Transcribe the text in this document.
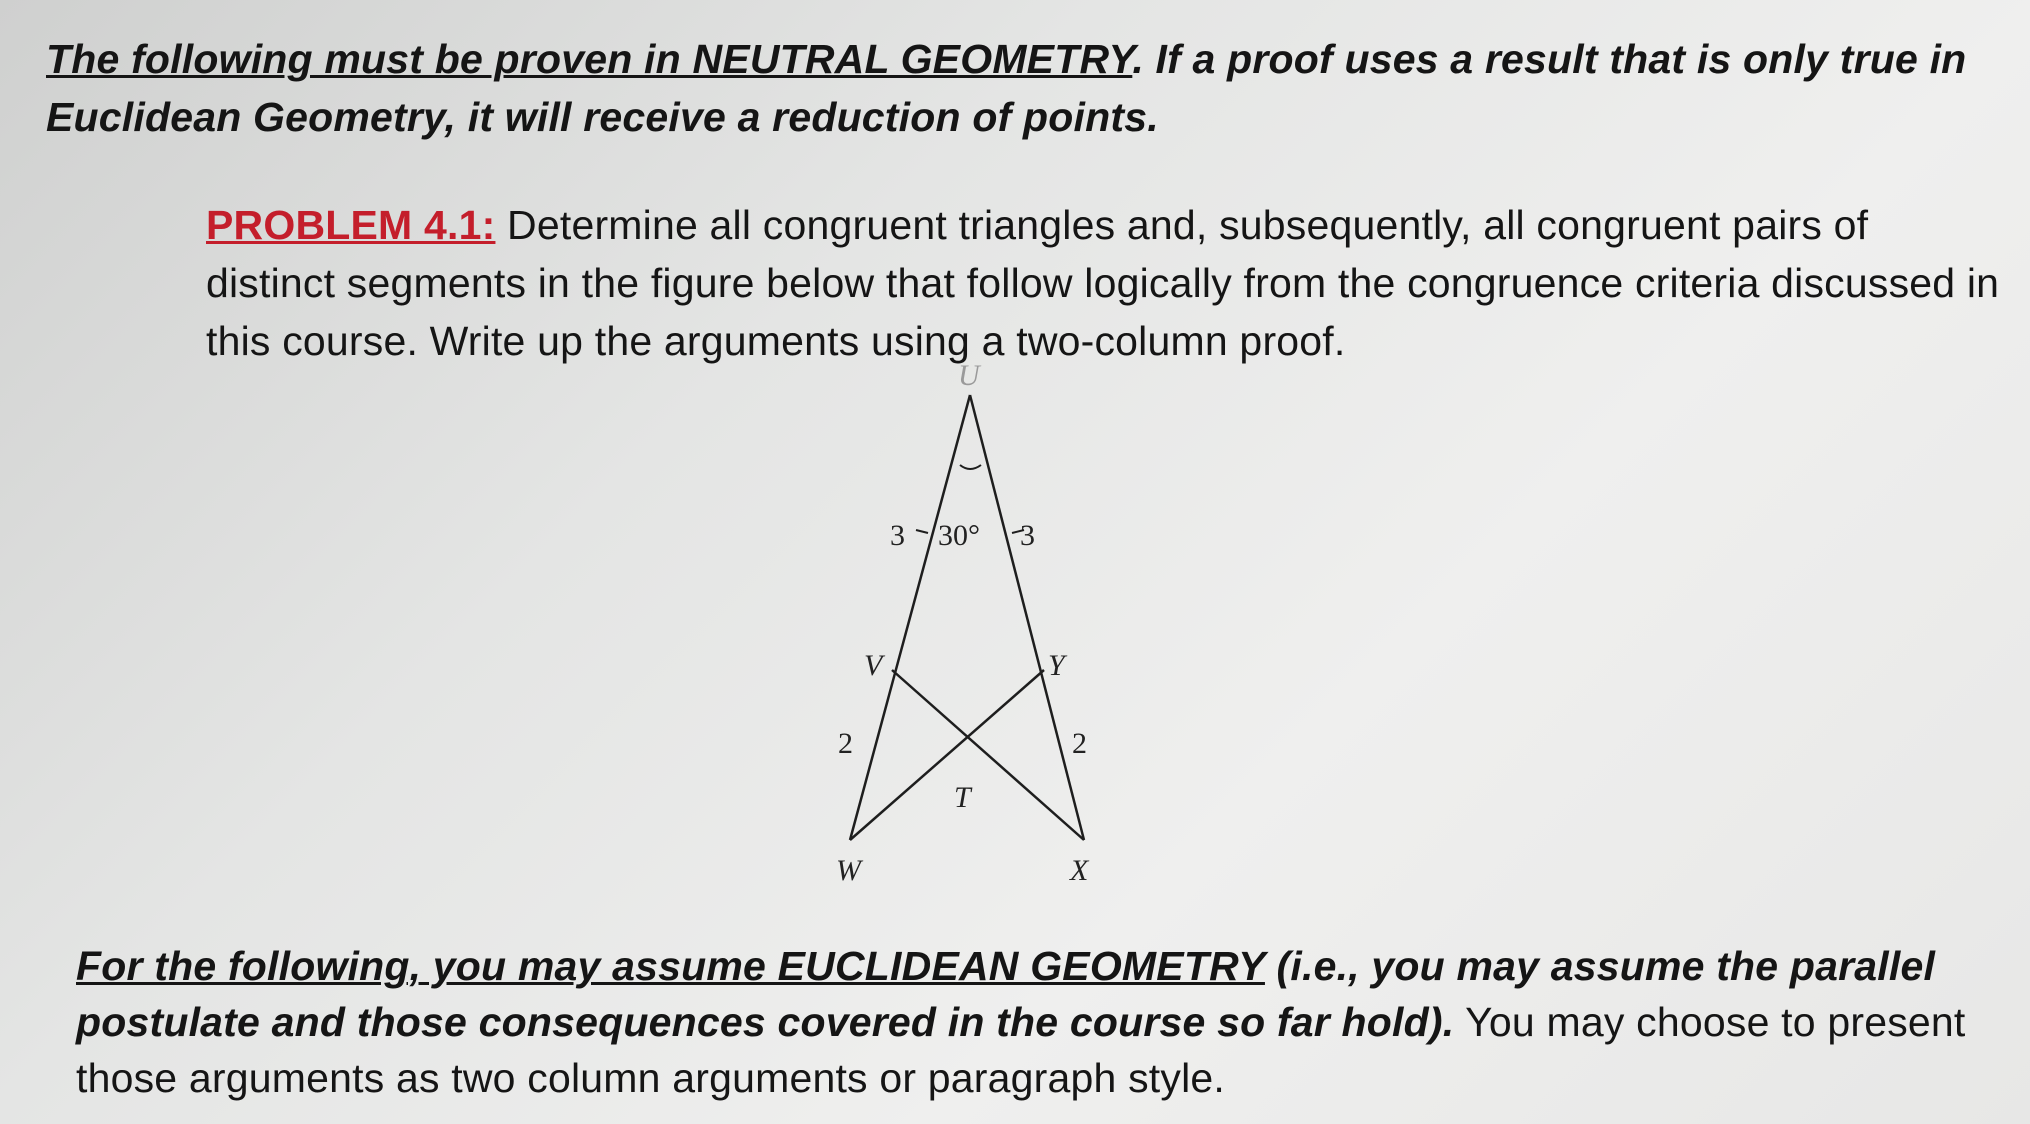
The following must be proven in NEUTRAL GEOMETRY. If a proof uses a result that is only true in Euclidean Geometry, it will receive a reduction of points.
PROBLEM 4.1: Determine all congruent triangles and, subsequently, all congruent pairs of distinct segments in the figure below that follow logically from the congruence criteria discussed in this course. Write up the arguments using a two-column proof.
U
3 30° 3
V	Y
2	2
T
W	X
For the following, you may assume EUCLIDEAN GEOMETRY (i.e., you may assume the parallel postulate and those consequences covered in the course so far hold). You may choose to present those arguments as two column arguments or paragraph style.
